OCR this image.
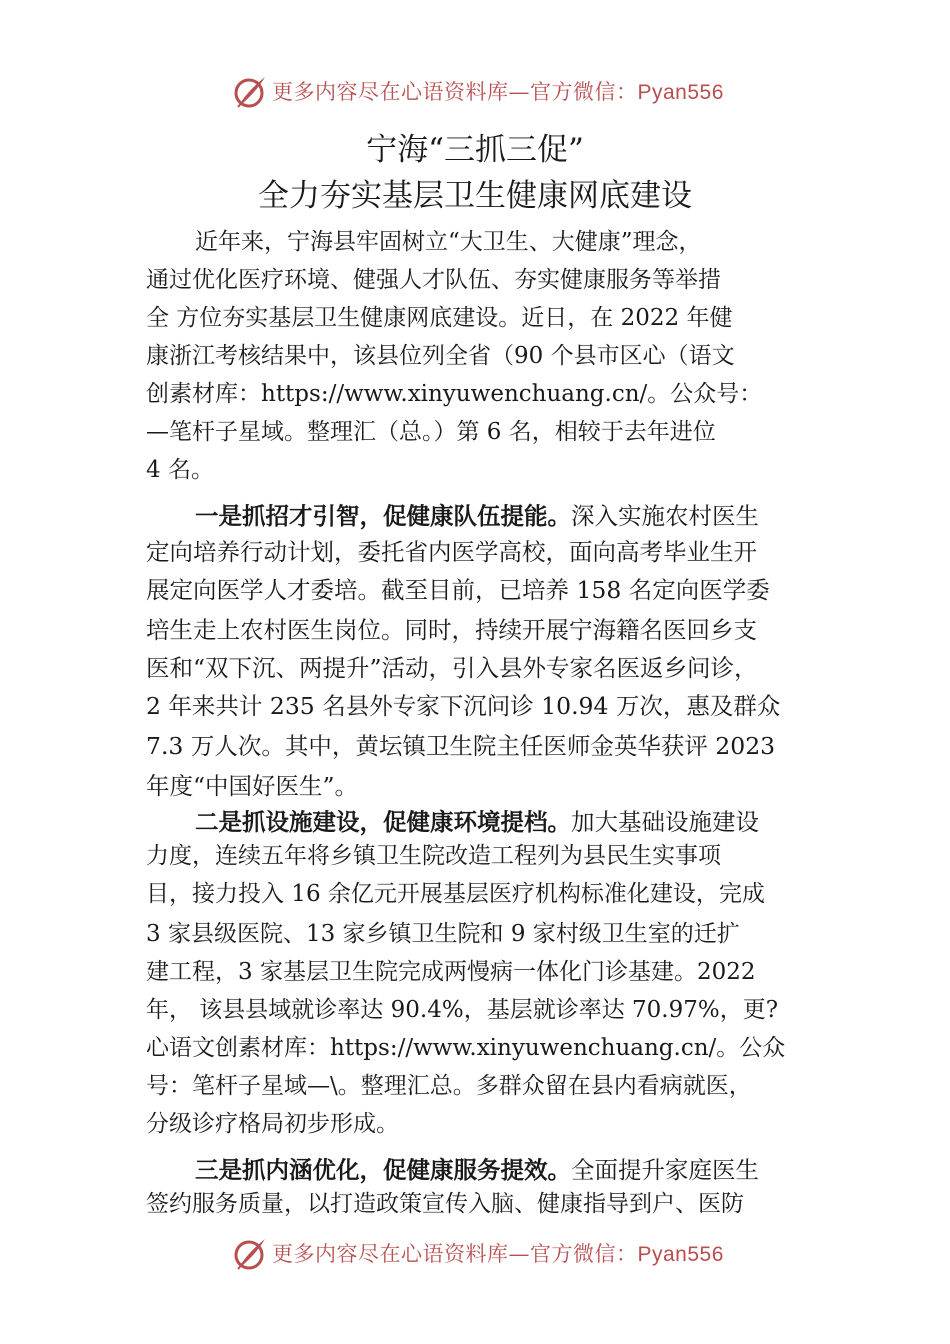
更多内容尽在心语资料库—官方微信：Pyan556
宁海“三抓三促”
全力夯实基层卫生健康网底建设
近年来，宁海县牢固树立“大卫生、大健康”理念，
通过优化医疗环境、健强人才队伍、夯实健康服务等举措
全 方位夯实基层卫生健康网底建设。近日，在 2022 年健
康浙江考核结果中，该县位列全省（90 个县市区心（语文
创素材库：https://www.xinyuwenchuang.cn/。公众号：
—笔杆子星域。整理汇（总。）第 6 名，相较于去年进位
4 名。
一是抓招才引智，促健康队伍提能。深入实施农村医生
定向培养行动计划，委托省内医学高校，面向高考毕业生开
展定向医学人才委培。截至目前，已培养 158 名定向医学委
培生走上农村医生岗位。同时，持续开展宁海籍名医回乡支
医和“双下沉、两提升”活动，引入县外专家名医返乡问诊，
2 年来共计 235 名县外专家下沉问诊 10.94 万次，惠及群众
7.3 万人次。其中，黄坛镇卫生院主任医师金英华获评 2023
年度“中国好医生”。
二是抓设施建设，促健康环境提档。加大基础设施建设
力度，连续五年将乡镇卫生院改造工程列为县民生实事项
目，接力投入 16 余亿元开展基层医疗机构标准化建设，完成
3 家县级医院、13 家乡镇卫生院和 9 家村级卫生室的迁扩
建工程，3 家基层卫生院完成两慢病一体化门诊基建。2022
年， 该县县域就诊率达 90.4%，基层就诊率达 70.97%，更?
心语文创素材库：https://www.xinyuwenchuang.cn/。公众
号：笔杆子星域—\。整理汇总。多群众留在县内看病就医，
分级诊疗格局初步形成。
三是抓内涵优化，促健康服务提效。全面提升家庭医生
签约服务质量，以打造政策宣传入脑、健康指导到户、医防
更多内容尽在心语资料库—官方微信：Pyan556
